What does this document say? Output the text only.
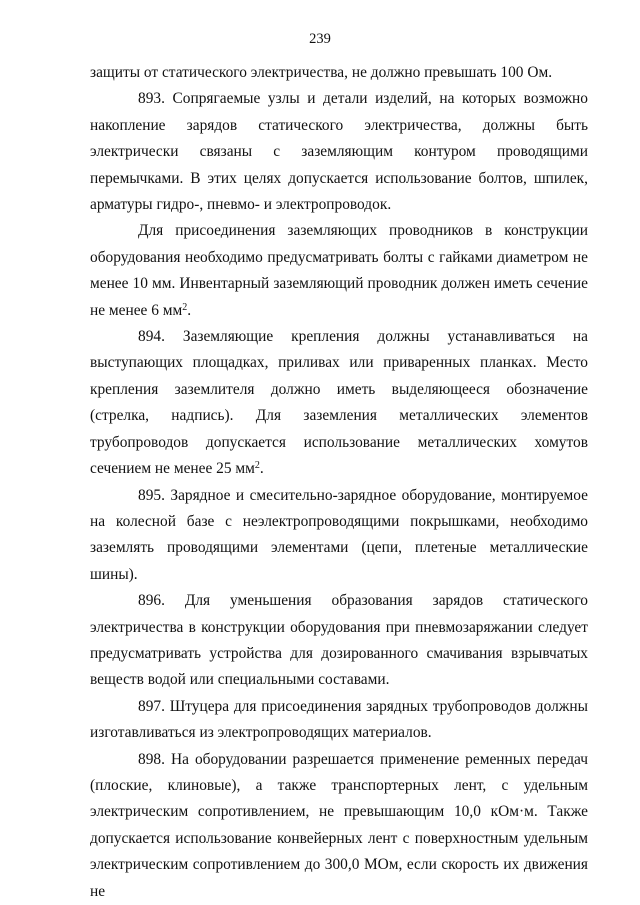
239

защиты от статического электричества, не должно превышать 100 Ом.

893. Сопрягаемые узлы и детали изделий, на которых возможно накопление зарядов статического электричества, должны быть электрически связаны с заземляющим контуром проводящими перемычками. В этих целях допускается использование болтов, шпилек, арматуры гидро-, пневмо- и электропроводок.

Для присоединения заземляющих проводников в конструкции оборудования необходимо предусматривать болты с гайками диаметром не менее 10 мм. Инвентарный заземляющий проводник должен иметь сечение не менее 6 $мм^2$.

894. Заземляющие крепления должны устанавливаться на выступающих площадках, приливах или приваренных планках. Место крепления заземлителя должно иметь выделяющееся обозначение (стрелка, надпись). Для заземления металлических элементов трубопроводов допускается использование металлических хомутов сечением не менее 25 $мм^2$.

895. Зарядное и смесительно-зарядное оборудование, монтируемое на колесной базе с неэлектропроводящими покрышками, необходимо заземлять проводящими элементами (цепи, плетеные металлические шины).

896. Для уменьшения образования зарядов статического электричества в конструкции оборудования при пневмозаряжании следует предусматривать устройства для дозированного смачивания взрывчатых веществ водой или специальными составами.

897. Штуцера для присоединения зарядных трубопроводов должны изготавливаться из электропроводящих материалов.

898. На оборудовании разрешается применение ременных передач (плоские, клиновые), а также транспортерных лент, с удельным электрическим сопротивлением, не превышающим 10,0 кОм·м. Также допускается использование конвейерных лент с поверхностным удельным электрическим сопротивлением до 300,0 МОм, если скорость их движения не
